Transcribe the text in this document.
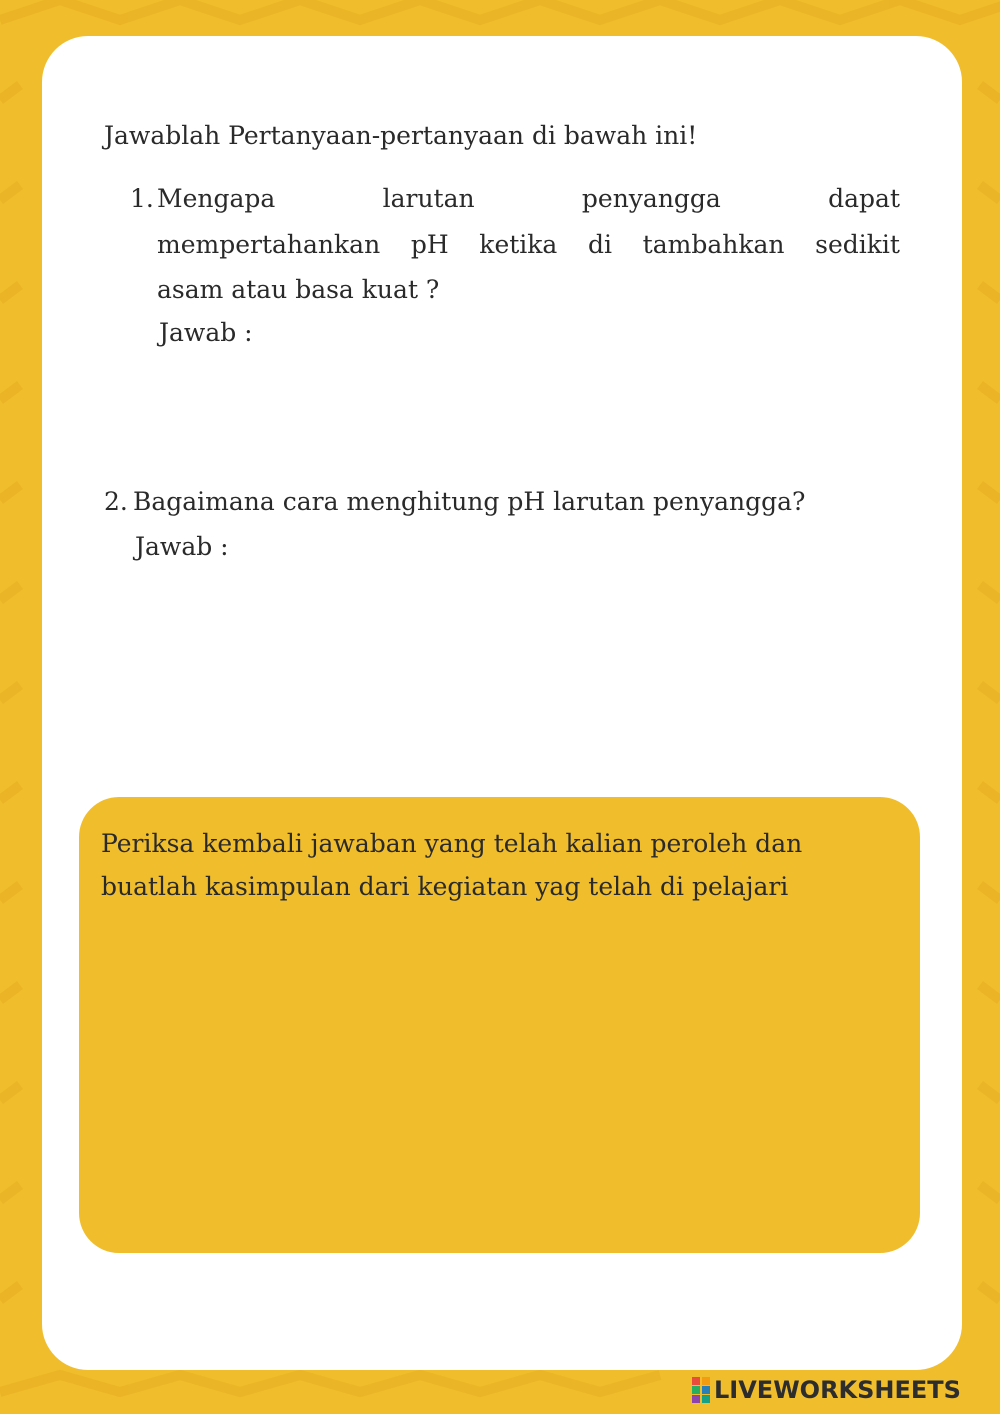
Jawablah Pertanyaan-pertanyaan di bawah ini!
1. Mengapa	larutan	penyangga	dapat
mempertahankan pH ketika di tambahkan sedikit
asam atau basa kuat ?
Jawab :
2. Bagaimana cara menghitung pH larutan penyangga?
Jawab :
Periksa kembali jawaban yang telah kalian peroleh dan
buatlah kasimpulan dari kegiatan yag telah di pelajari
LIVEWORKSHEETS
